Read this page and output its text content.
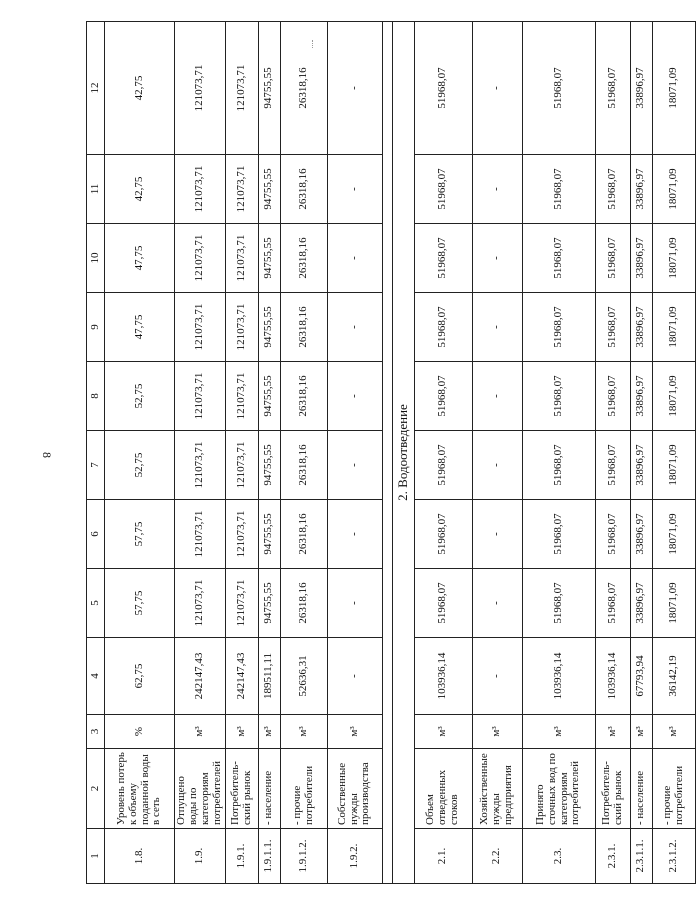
8
1	2	3	4	5	6	7	8	9	10	11	12
1.8.	Уровень потерь к объему поданной воды в сеть	%	62,75	57,75	57,75	52,75	52,75	47,75	47,75	42,75	42,75
1.9.	Отпущено воды по категориям потребителей	м³	242147,43	121073,71	121073,71	121073,71	121073,71	121073,71	121073,71	121073,71	121073,71
1.9.1.	Потребитель-ский рынок	м³	242147,43	121073,71	121073,71	121073,71	121073,71	121073,71	121073,71	121073,71	121073,71
1.9.1.1.	- население	м³	189511,11	94755,55	94755,55	94755,55	94755,55	94755,55	94755,55	94755,55	94755,55
1.9.1.2.	- прочие потребители	м³	52636,31	26318,16	26318,16	26318,16	26318,16	26318,16	26318,16	26318,16	26318,16
1.9.2.	Собственные нужды производства	м³	-	-	-	-	-	-	-	-	-

2. Водоотведение											
2.1.	Объем отведенных стоков	м³	103936,14	51968,07	51968,07	51968,07	51968,07	51968,07	51968,07	51968,07	51968,07
2.2.	Хозяйственные нужды предприятия	м³	-	-	-	-	-	-	-	-	-
2.3.	Принято сточных вод по категориям потребителей	м³	103936,14	51968,07	51968,07	51968,07	51968,07	51968,07	51968,07	51968,07	51968,07
2.3.1.	Потребитель-ский рынок	м³	103936,14	51968,07	51968,07	51968,07	51968,07	51968,07	51968,07	51968,07	51968,07
2.3.1.1.	- население	м³	67793,94	33896,97	33896,97	33896,97	33896,97	33896,97	33896,97	33896,97	33896,97
2.3.1.2.	- прочие потребители	м³	36142,19	18071,09	18071,09	18071,09	18071,09	18071,09	18071,09	18071,09	18071,09
